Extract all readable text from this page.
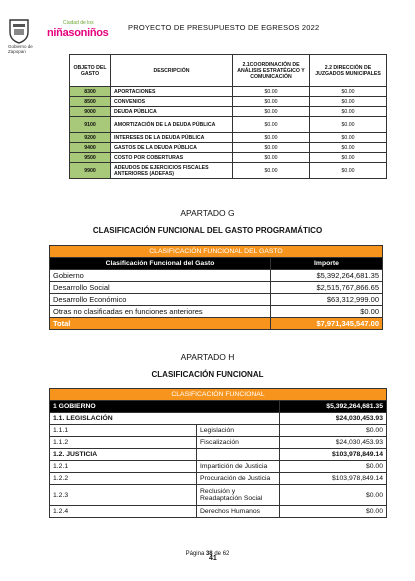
Gobierno de
Zapopan
Ciudad de los
niñasoniños	PROYECTO DE PRESUPUESTO DE EGRESOS 2022
OBJETO DEL GASTO	DESCRIPCIÓN	2.1COORDINACIÓN DE ANÁLISIS ESTRATÉGICO Y COMUNICACIÓN	2.2 DIRECCIÓN DE JUZGADOS MUNICIPALES
8300	APORTACIONES	$0.00	$0.00
8500	CONVENIOS	$0.00	$0.00
9000	DEUDA PÚBLICA	$0.00	$0.00
9100	AMORTIZACIÓN DE LA DEUDA PÚBLICA	$0.00	$0.00
9200	INTERESES DE LA DEUDA PÚBLICA	$0.00	$0.00
9400	GASTOS DE LA DEUDA PÚBLICA	$0.00	$0.00
9500	COSTO POR COBERTURAS	$0.00	$0.00
9900	ADEUDOS DE EJERCICIOS FISCALES ANTERIORES (ADEFAS)	$0.00	$0.00
APARTADO G
CLASIFICACIÓN FUNCIONAL DEL GASTO PROGRAMÁTICO
CLASIFICACIÓN FUNCIONAL DEL GASTO	
Clasificación Funcional del Gasto	Importe
Gobierno	$5,392,264,681.35
Desarrollo Social	$2,515,767,866.65
Desarrollo Económico	$63,312,999.00
Otras no clasificadas en funciones anteriores	$0.00
Total	$7,971,345,547.00
APARTADO H
CLASIFICACIÓN FUNCIONAL
CLASIFICACIÓN FUNCIONAL		
1 GOBIERNO		$5,392,264,681.35
1.1. LEGISLACIÓN		$24,030,453.93
1.1.1	Legislación	$0.00
1.1.2	Fiscalización	$24,030,453.93
1.2. JUSTICIA		$103,978,849.14
1.2.1	Impartición de Justicia	$0.00
1.2.2	Procuración de Justicia	$103,978,849.14
1.2.3	Reclusión y Readaptación Social	$0.00
1.2.4	Derechos Humanos	$0.00
Página 38 de 62
41
